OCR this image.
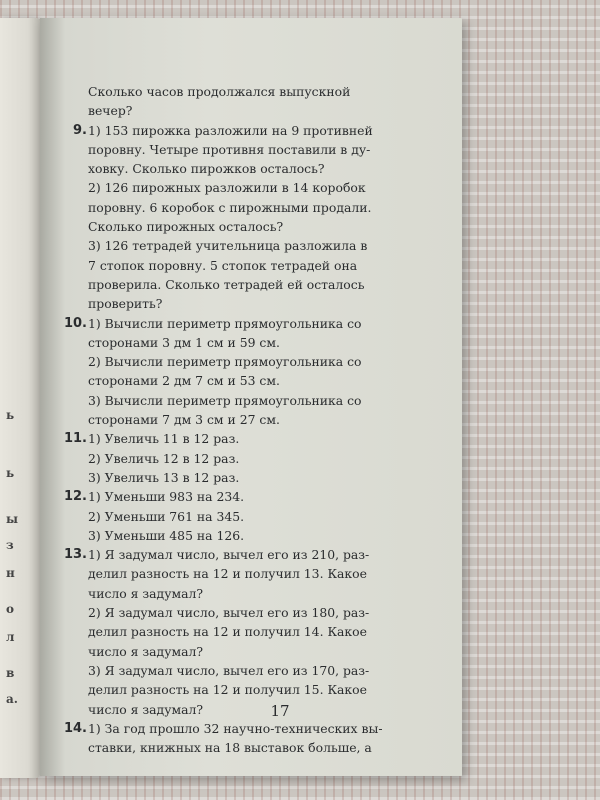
ь
ь
ы
з
н
о
л
в
а.
Сколько часов продолжался выпускной
вечер?
9. 1) 153 пирожка разложили на 9 противней
поровну. Четыре противня поставили в ду-
ховку. Сколько пирожков осталось?
2) 126 пирожных разложили в 14 коробок
поровну. 6 коробок с пирожными продали.
Сколько пирожных осталось?
3) 126 тетрадей учительница разложила в
7 стопок поровну. 5 стопок тетрадей она
проверила. Сколько тетрадей ей осталось
проверить?
10. 1) Вычисли периметр прямоугольника со
сторонами 3 дм 1 см и 59 см.
2) Вычисли периметр прямоугольника со
сторонами 2 дм 7 см и 53 см.
3) Вычисли периметр прямоугольника со
сторонами 7 дм 3 см и 27 см.
11. 1) Увеличь 11 в 12 раз.
2) Увеличь 12 в 12 раз.
3) Увеличь 13 в 12 раз.
12. 1) Уменьши 983 на 234.
2) Уменьши 761 на 345.
3) Уменьши 485 на 126.
13. 1) Я задумал число, вычел его из 210, раз-
делил разность на 12 и получил 13. Какое
число я задумал?
2) Я задумал число, вычел его из 180, раз-
делил разность на 12 и получил 14. Какое
число я задумал?
3) Я задумал число, вычел его из 170, раз-
делил разность на 12 и получил 15. Какое
число я задумал?
14. 1) За год прошло 32 научно-технических вы-
ставки, книжных на 18 выставок больше, а
17
